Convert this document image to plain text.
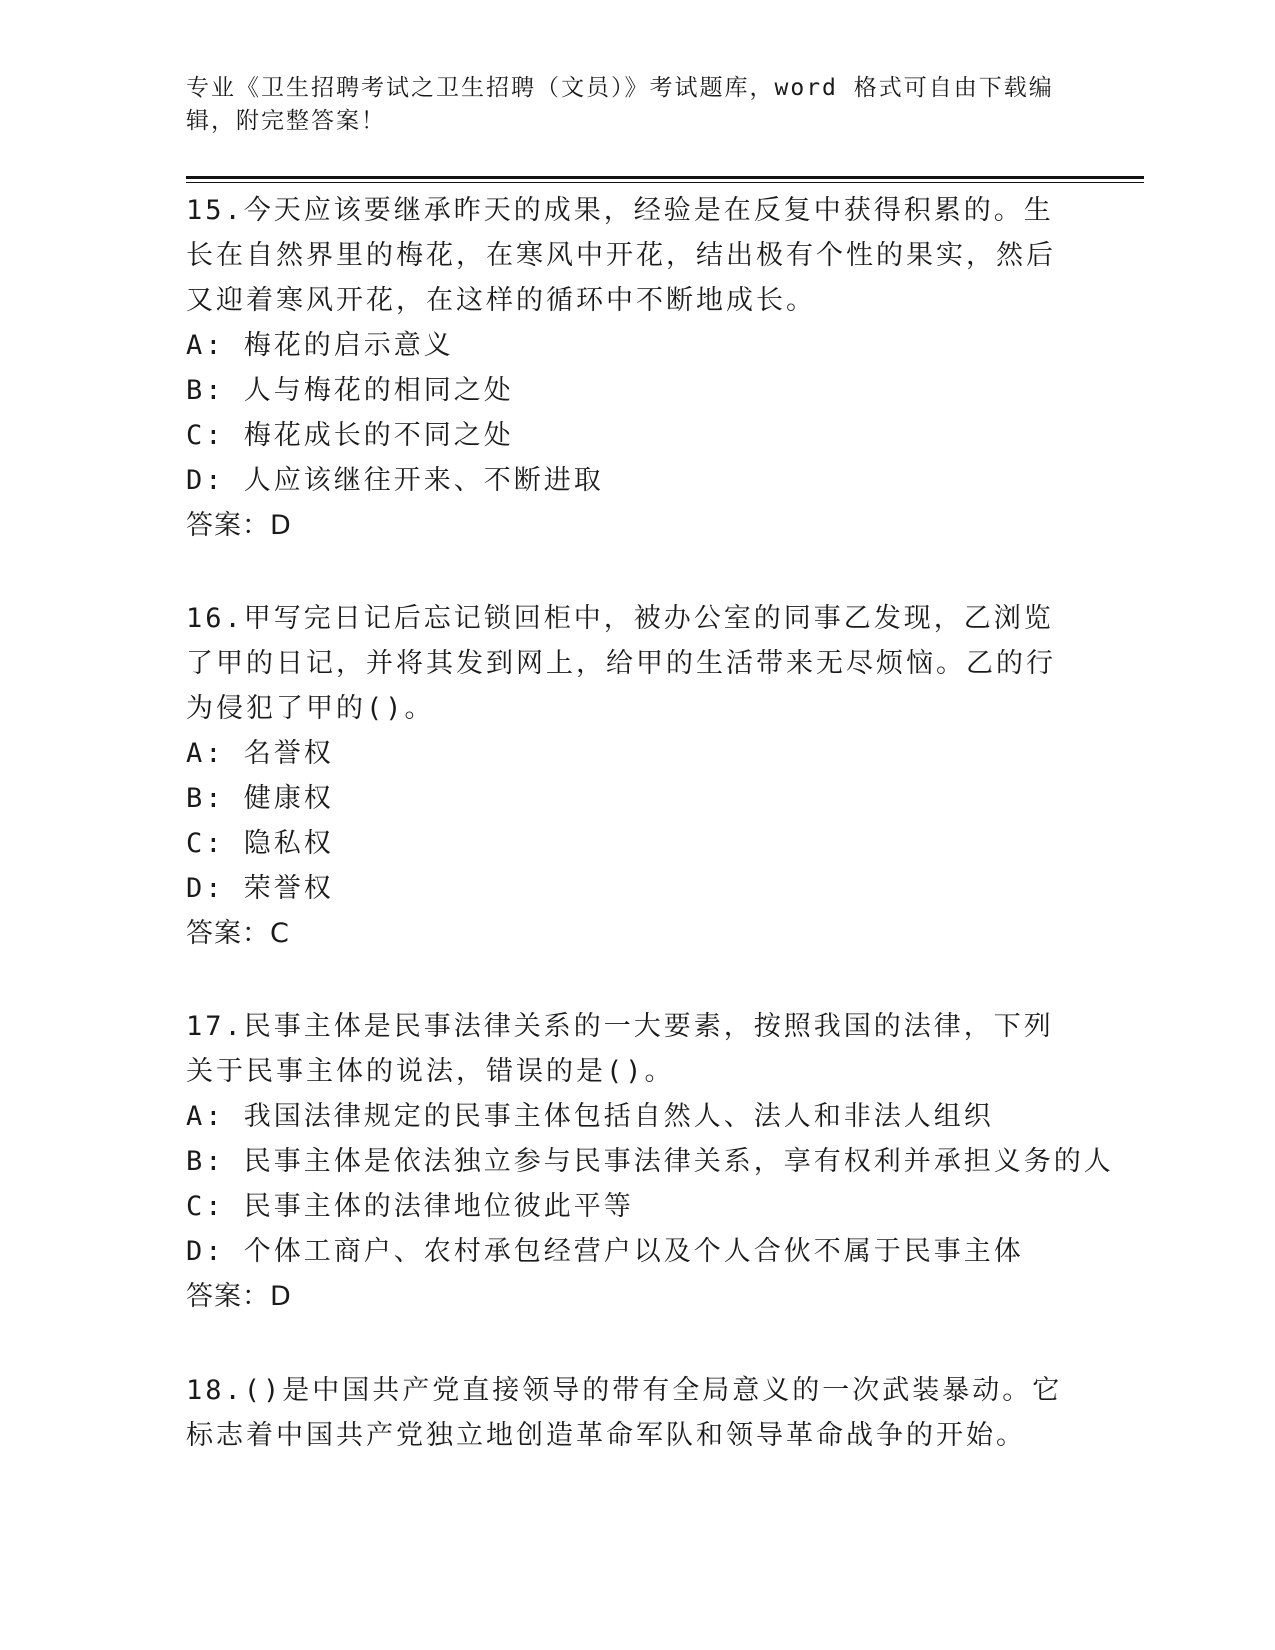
专业《卫生招聘考试之卫生招聘（文员）》考试题库，word 格式可自由下载编辑，附完整答案！

15.今天应该要继承昨天的成果，经验是在反复中获得积累的。生长在自然界里的梅花，在寒风中开花，结出极有个性的果实，然后又迎着寒风开花，在这样的循环中不断地成长。

A: 梅花的启示意义

B: 人与梅花的相同之处

C: 梅花成长的不同之处

D: 人应该继往开来、不断进取

答案：D

16.甲写完日记后忘记锁回柜中，被办公室的同事乙发现，乙浏览了甲的日记，并将其发到网上，给甲的生活带来无尽烦恼。乙的行为侵犯了甲的()。

A: 名誉权

B: 健康权

C: 隐私权

D: 荣誉权

答案：C

17.民事主体是民事法律关系的一大要素，按照我国的法律，下列关于民事主体的说法，错误的是()。

A: 我国法律规定的民事主体包括自然人、法人和非法人组织

B: 民事主体是依法独立参与民事法律关系，享有权利并承担义务的人

C: 民事主体的法律地位彼此平等

D: 个体工商户、农村承包经营户以及个人合伙不属于民事主体

答案：D

18.()是中国共产党直接领导的带有全局意义的一次武装暴动。它标志着中国共产党独立地创造革命军队和领导革命战争的开始。
